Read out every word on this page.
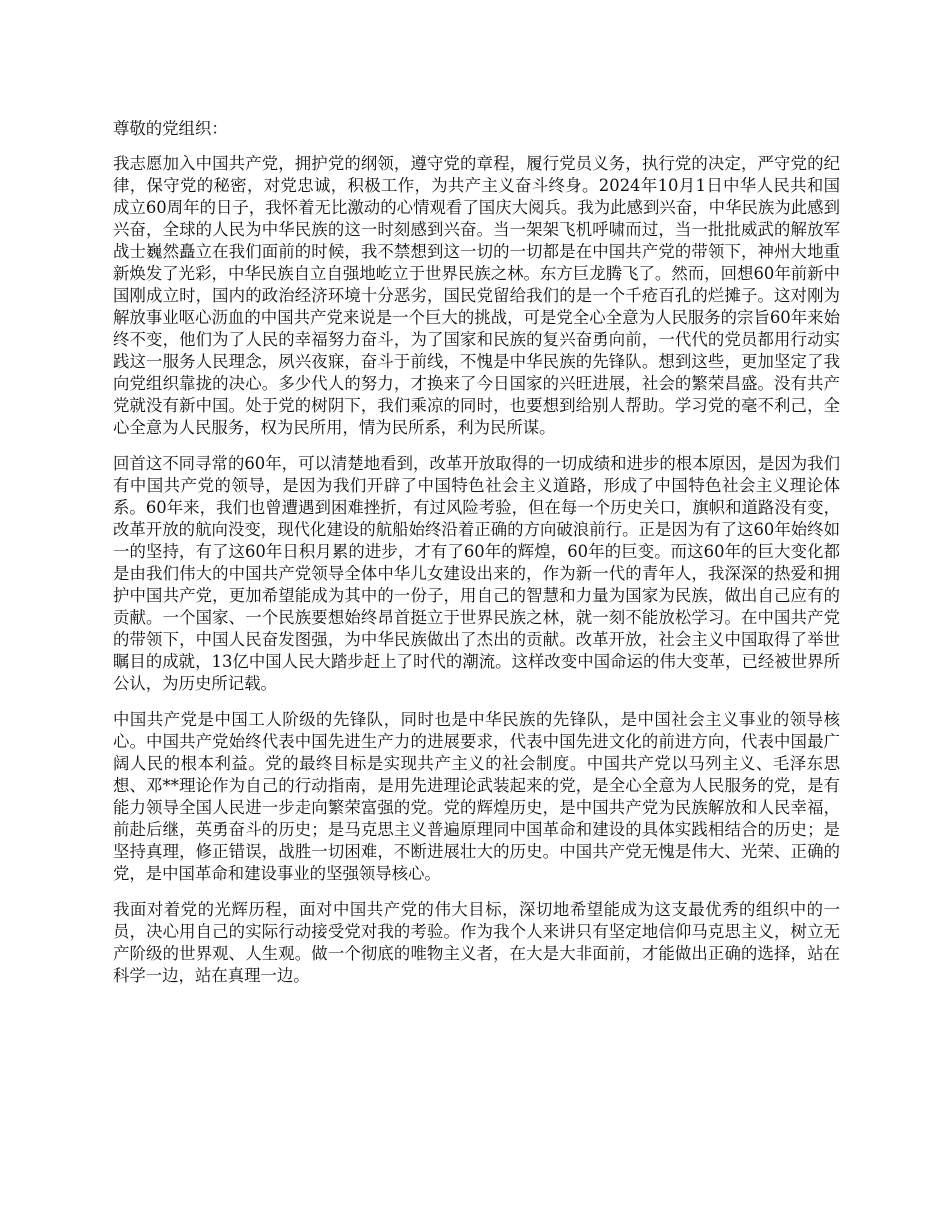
尊敬的党组织：

我志愿加入中国共产党，拥护党的纲领，遵守党的章程，履行党员义务，执行党的决定，严守党的纪律，保守党的秘密，对党忠诚，积极工作，为共产主义奋斗终身。2024年10月1日中华人民共和国成立60周年的日子，我怀着无比激动的心情观看了国庆大阅兵。我为此感到兴奋，中华民族为此感到兴奋，全球的人民为中华民族的这一时刻感到兴奋。当一架架飞机呼啸而过，当一批批威武的解放军战士巍然矗立在我们面前的时候，我不禁想到这一切的一切都是在中国共产党的带领下，神州大地重新焕发了光彩，中华民族自立自强地屹立于世界民族之林。东方巨龙腾飞了。然而，回想60年前新中国刚成立时，国内的政治经济环境十分恶劣，国民党留给我们的是一个千疮百孔的烂摊子。这对刚为解放事业呕心沥血的中国共产党来说是一个巨大的挑战，可是党全心全意为人民服务的宗旨60年来始终不变，他们为了人民的幸福努力奋斗，为了国家和民族的复兴奋勇向前，一代代的党员都用行动实践这一服务人民理念，夙兴夜寐，奋斗于前线，不愧是中华民族的先锋队。想到这些，更加坚定了我向党组织靠拢的决心。多少代人的努力，才换来了今日国家的兴旺进展，社会的繁荣昌盛。没有共产党就没有新中国。处于党的树阴下，我们乘凉的同时，也要想到给别人帮助。学习党的毫不利己，全心全意为人民服务，权为民所用，情为民所系，利为民所谋。

回首这不同寻常的60年，可以清楚地看到，改革开放取得的一切成绩和进步的根本原因，是因为我们有中国共产党的领导，是因为我们开辟了中国特色社会主义道路，形成了中国特色社会主义理论体系。60年来，我们也曾遭遇到困难挫折，有过风险考验，但在每一个历史关口，旗帜和道路没有变，改革开放的航向没变，现代化建设的航船始终沿着正确的方向破浪前行。正是因为有了这60年始终如一的坚持，有了这60年日积月累的进步，才有了60年的辉煌，60年的巨变。而这60年的巨大变化都是由我们伟大的中国共产党领导全体中华儿女建设出来的，作为新一代的青年人，我深深的热爱和拥护中国共产党，更加希望能成为其中的一份子，用自己的智慧和力量为国家为民族，做出自己应有的贡献。一个国家、一个民族要想始终昂首挺立于世界民族之林，就一刻不能放松学习。在中国共产党的带领下，中国人民奋发图强，为中华民族做出了杰出的贡献。改革开放，社会主义中国取得了举世瞩目的成就，13亿中国人民大踏步赶上了时代的潮流。这样改变中国命运的伟大变革，已经被世界所公认，为历史所记载。

中国共产党是中国工人阶级的先锋队，同时也是中华民族的先锋队，是中国社会主义事业的领导核心。中国共产党始终代表中国先进生产力的进展要求，代表中国先进文化的前进方向，代表中国最广阔人民的根本利益。党的最终目标是实现共产主义的社会制度。中国共产党以马列主义、毛泽东思想、邓**理论作为自己的行动指南，是用先进理论武装起来的党，是全心全意为人民服务的党，是有能力领导全国人民进一步走向繁荣富强的党。党的辉煌历史，是中国共产党为民族解放和人民幸福，前赴后继，英勇奋斗的历史；是马克思主义普遍原理同中国革命和建设的具体实践相结合的历史；是坚持真理，修正错误，战胜一切困难，不断进展壮大的历史。中国共产党无愧是伟大、光荣、正确的党，是中国革命和建设事业的坚强领导核心。

我面对着党的光辉历程，面对中国共产党的伟大目标，深切地希望能成为这支最优秀的组织中的一员，决心用自己的实际行动接受党对我的考验。作为我个人来讲只有坚定地信仰马克思主义，树立无产阶级的世界观、人生观。做一个彻底的唯物主义者，在大是大非面前，才能做出正确的选择，站在科学一边，站在真理一边。
